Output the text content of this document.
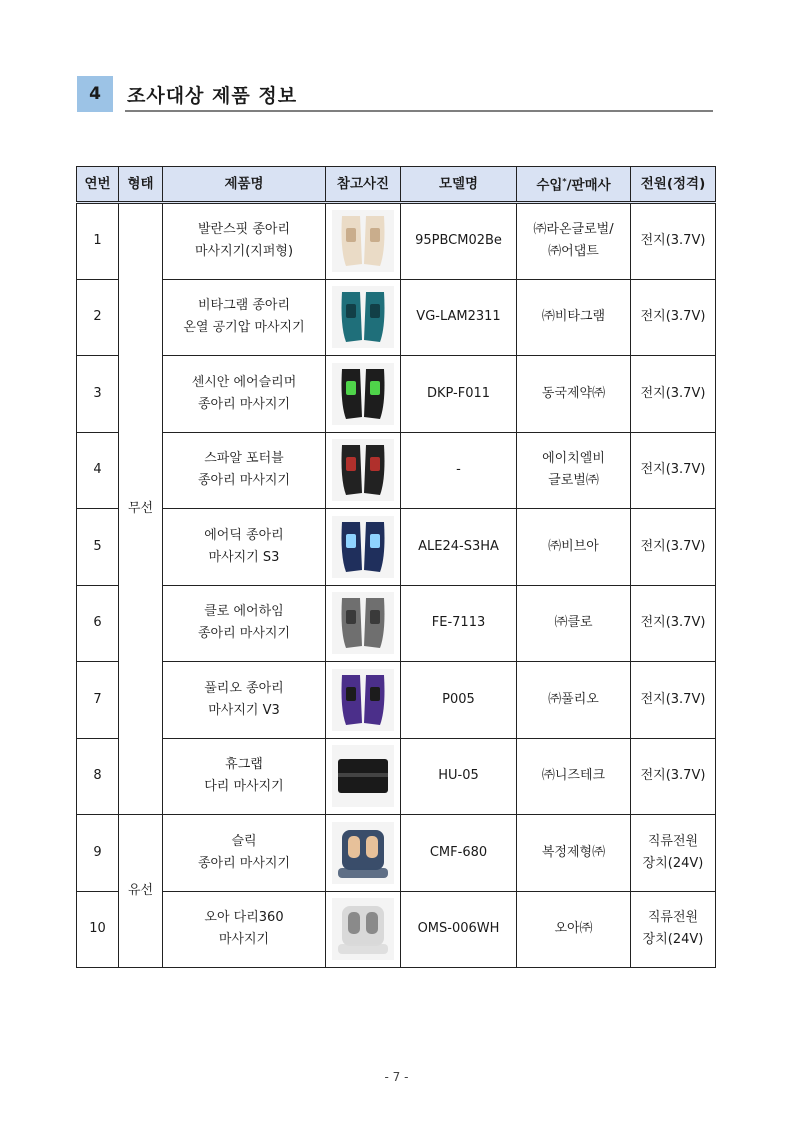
4	조사대상 제품 정보
연번	형태	제품명	참고사진	모델명	수입*/판매사	전원(정격)
1	무선	발란스핏 종아리
마사지기(지퍼형)		95PBCM02Be	㈜라온글로벌/
㈜어댑트	전지(3.7V)
2		비타그램 종아리
온열 공기압 마사지기		VG-LAM2311	㈜비타그램	전지(3.7V)
3		센시안 에어슬리머
종아리 마사지기		DKP-F011	동국제약㈜	전지(3.7V)
4		스파알 포터블
종아리 마사지기		-	에이치엘비
글로벌㈜	전지(3.7V)
5		에어딕 종아리
마사지기 S3		ALE24-S3HA	㈜비브아	전지(3.7V)
6		클로 에어하임
종아리 마사지기		FE-7113	㈜클로	전지(3.7V)
7		풀리오 종아리
마사지기 V3		P005	㈜풀리오	전지(3.7V)
8		휴그랩
다리 마사지기		HU-05	㈜니즈테크	전지(3.7V)
9	유선	슬릭
종아리 마사지기		CMF-680	복정제형㈜	직류전원
장치(24V)
10		오아 다리360
마사지기		OMS-006WH	오아㈜	직류전원
장치(24V)
- 7 -
